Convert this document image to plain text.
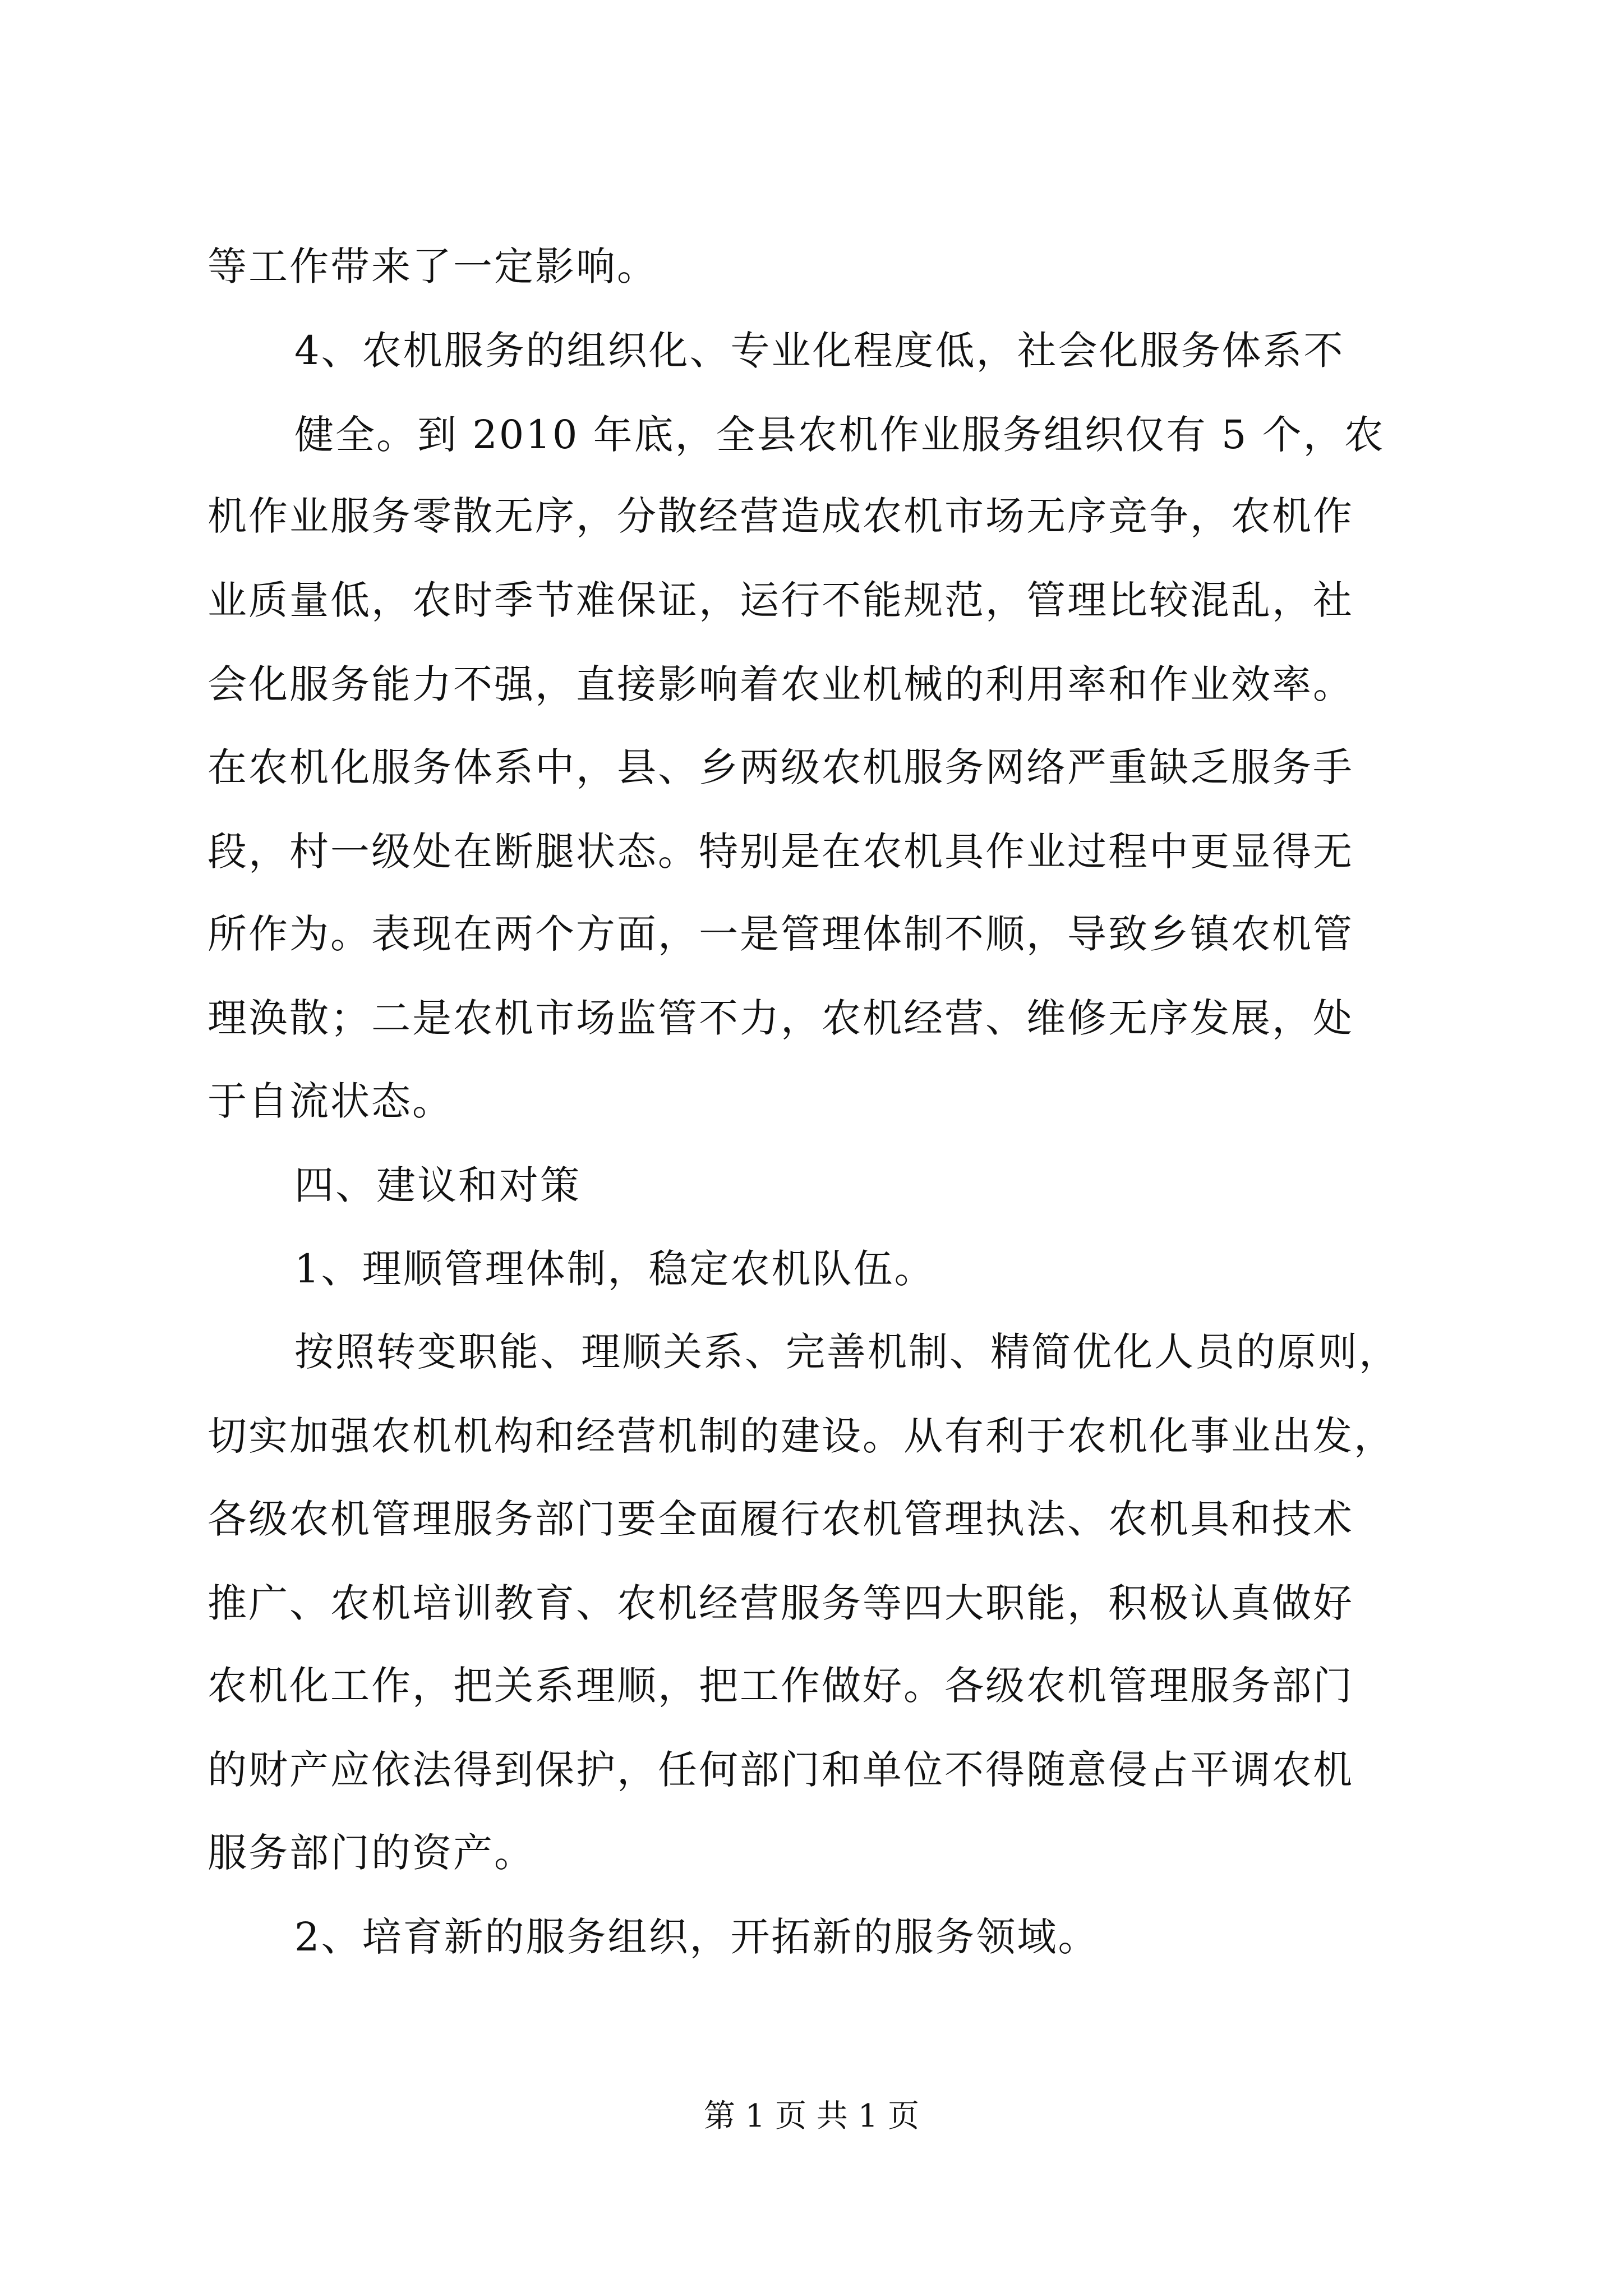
等工作带来了一定影响。
4、农机服务的组织化、专业化程度低，社会化服务体系不
健全。到 2010 年底，全县农机作业服务组织仅有 5 个，农
机作业服务零散无序，分散经营造成农机市场无序竞争，农机作
业质量低，农时季节难保证，运行不能规范，管理比较混乱，社
会化服务能力不强，直接影响着农业机械的利用率和作业效率。
在农机化服务体系中，县、乡两级农机服务网络严重缺乏服务手
段，村一级处在断腿状态。特别是在农机具作业过程中更显得无
所作为。表现在两个方面，一是管理体制不顺，导致乡镇农机管
理涣散；二是农机市场监管不力，农机经营、维修无序发展，处
于自流状态。
四、建议和对策
1、理顺管理体制，稳定农机队伍。
按照转变职能、理顺关系、完善机制、精简优化人员的原则，
切实加强农机机构和经营机制的建设。从有利于农机化事业出发，
各级农机管理服务部门要全面履行农机管理执法、农机具和技术
推广、农机培训教育、农机经营服务等四大职能，积极认真做好
农机化工作，把关系理顺，把工作做好。各级农机管理服务部门
的财产应依法得到保护，任何部门和单位不得随意侵占平调农机
服务部门的资产。
2、培育新的服务组织，开拓新的服务领域。
第 1 页 共 1 页
